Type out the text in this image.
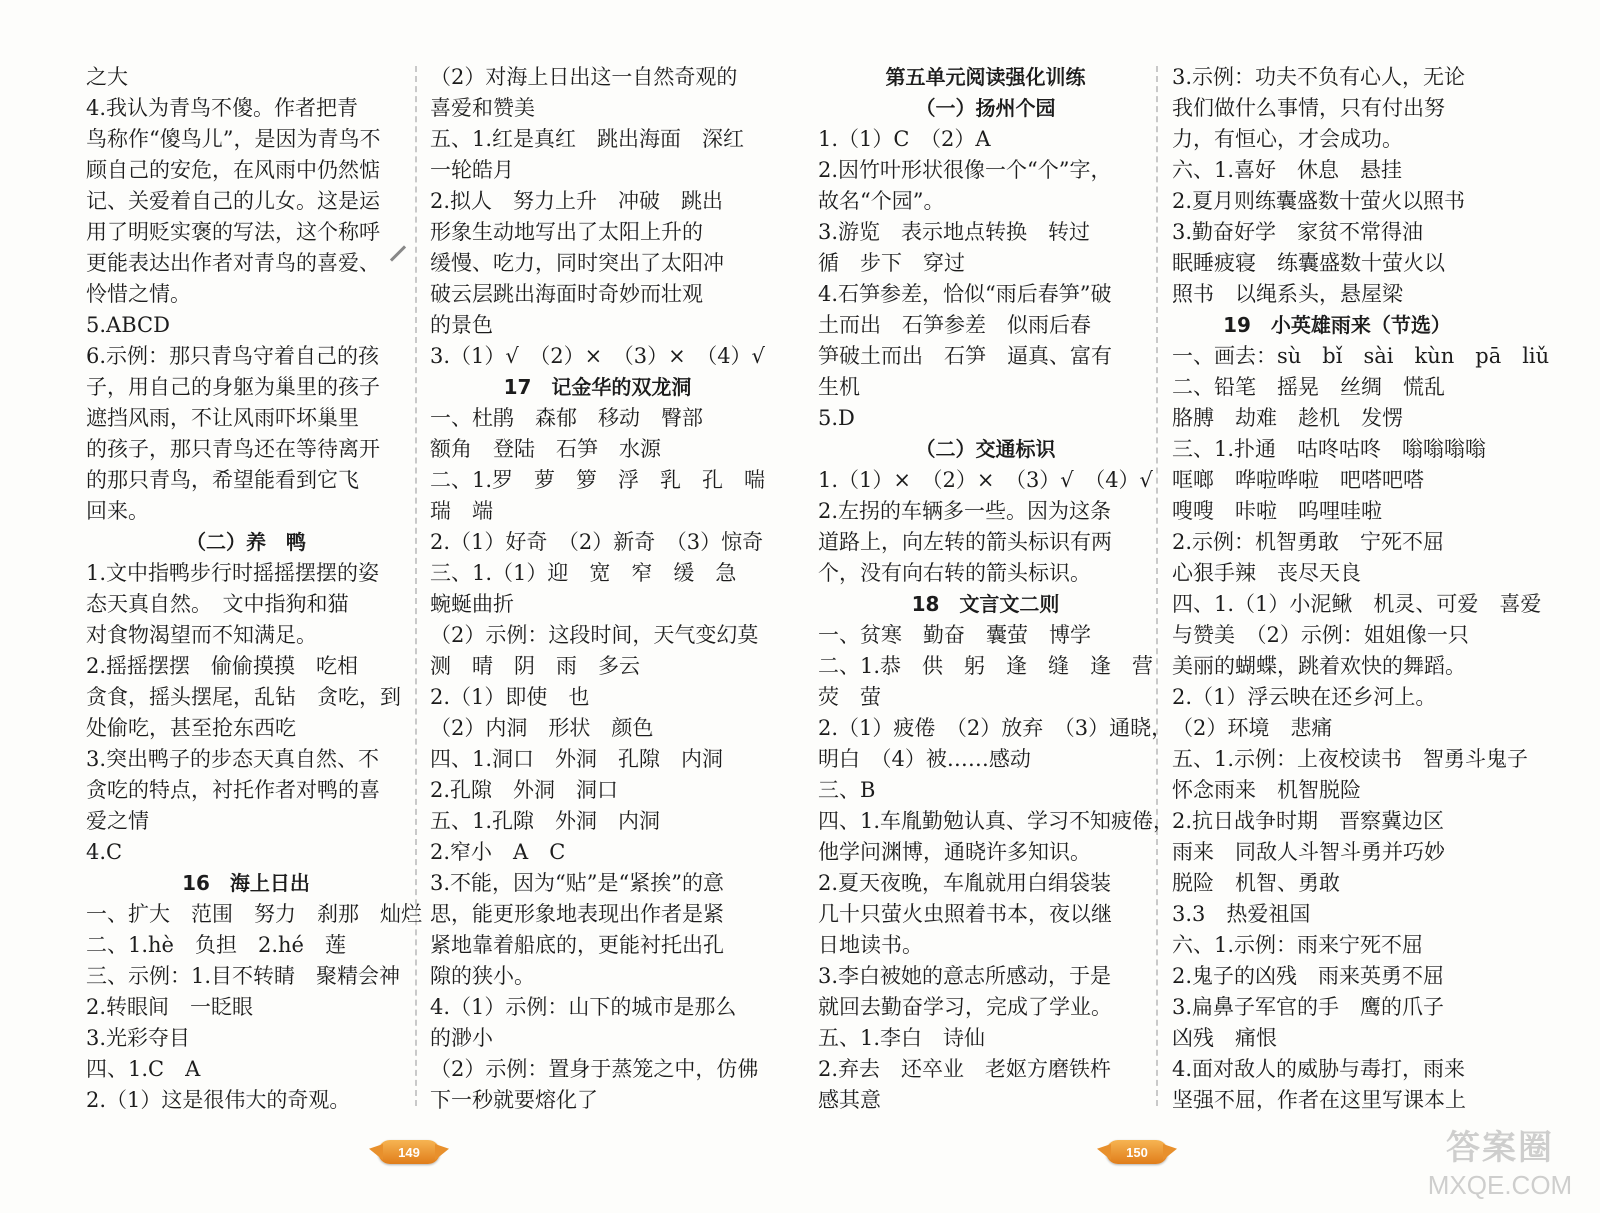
之大
4.我认为青鸟不傻。作者把青
鸟称作“傻鸟儿”，是因为青鸟不
顾自己的安危，在风雨中仍然惦
记、关爱着自己的儿女。这是运
用了明贬实褒的写法，这个称呼
更能表达出作者对青鸟的喜爱、
怜惜之情。
5.ABCD
6.示例：那只青鸟守着自己的孩
子，用自己的身躯为巢里的孩子
遮挡风雨，不让风雨吓坏巢里
的孩子，那只青鸟还在等待离开
的那只青鸟，希望能看到它飞
回来。
（二）养　鸭
1.文中指鸭步行时摇摇摆摆的姿
态天真自然。　文中指狗和猫
对食物渴望而不知满足。
2.摇摇摆摆　偷偷摸摸　吃相
贪食，摇头摆尾，乱钻　贪吃，到
处偷吃，甚至抢东西吃
3.突出鸭子的步态天真自然、不
贪吃的特点，衬托作者对鸭的喜
爱之情
4.C
16　海上日出
一、扩大　范围　努力　刹那　灿烂
二、1.hè　负担　2.hé　莲
三、示例：1.目不转睛　聚精会神
2.转眼间　一眨眼
3.光彩夺目
四、1.C　A
2.（1）这是很伟大的奇观。
（2）对海上日出这一自然奇观的
喜爱和赞美
五、1.红是真红　跳出海面　深红
一轮皓月
2.拟人　努力上升　冲破　跳出
形象生动地写出了太阳上升的
缓慢、吃力，同时突出了太阳冲
破云层跳出海面时奇妙而壮观
的景色
3.（1）√　（2）×　（3）×　（4）√
17　记金华的双龙洞
一、杜鹃　森郁　移动　臀部
额角　登陆　石笋　水源
二、1.罗　萝　箩　浮　乳　孔　喘
瑞　端
2.（1）好奇　（2）新奇　（3）惊奇
三、1.（1）迎　宽　窄　缓　急
蜿蜒曲折
（2）示例：这段时间，天气变幻莫
测　晴　阴　雨　多云
2.（1）即使　也
（2）内洞　形状　颜色
四、1.洞口　外洞　孔隙　内洞
2.孔隙　外洞　洞口
五、1.孔隙　外洞　内洞
2.窄小　A　C
3.不能，因为“贴”是“紧挨”的意
思，能更形象地表现出作者是紧
紧地靠着船底的，更能衬托出孔
隙的狭小。
4.（1）示例：山下的城市是那么
的渺小
（2）示例：置身于蒸笼之中，仿佛
下一秒就要熔化了
第五单元阅读强化训练
（一）扬州个园
1.（1）C　（2）A
2.因竹叶形状很像一个“个”字，
故名“个园”。
3.游览　表示地点转换　转过
循　步下　穿过
4.石笋参差，恰似“雨后春笋”破
土而出　石笋参差　似雨后春
笋破土而出　石笋　逼真、富有
生机
5.D
（二）交通标识
1.（1）×　（2）×　（3）√　（4）√
2.左拐的车辆多一些。因为这条
道路上，向左转的箭头标识有两
个，没有向右转的箭头标识。
18　文言文二则
一、贫寒　勤奋　囊萤　博学
二、1.恭　供　躬　逢　缝　逢　营
荧　萤
2.（1）疲倦　（2）放弃　（3）通晓，
明白　（4）被……感动
三、B
四、1.车胤勤勉认真、学习不知疲倦，
他学问渊博，通晓许多知识。
2.夏天夜晚，车胤就用白绢袋装
几十只萤火虫照着书本，夜以继
日地读书。
3.李白被她的意志所感动，于是
就回去勤奋学习，完成了学业。
五、1.李白　诗仙
2.弃去　还卒业　老妪方磨铁杵
感其意
3.示例：功夫不负有心人，无论
我们做什么事情，只有付出努
力，有恒心，才会成功。
六、1.喜好　休息　悬挂
2.夏月则练囊盛数十萤火以照书
3.勤奋好学　家贫不常得油
眠睡疲寝　练囊盛数十萤火以
照书　以绳系头，悬屋梁
19　小英雄雨来（节选）
一、画去：sù　bǐ　sài　kùn　pā　liǔ
二、铅笔　摇晃　丝绸　慌乱
胳膊　劫难　趁机　发愣
三、1.扑通　咕咚咕咚　嗡嗡嗡嗡
哐啷　哗啦哗啦　吧嗒吧嗒
嗖嗖　咔啦　呜哩哇啦
2.示例：机智勇敢　宁死不屈
心狠手辣　丧尽天良
四、1.（1）小泥鳅　机灵、可爱　喜爱
与赞美　（2）示例：姐姐像一只
美丽的蝴蝶，跳着欢快的舞蹈。
2.（1）浮云映在还乡河上。
（2）环境　悲痛
五、1.示例：上夜校读书　智勇斗鬼子
怀念雨来　机智脱险
2.抗日战争时期　晋察冀边区
雨来　同敌人斗智斗勇并巧妙
脱险　机智、勇敢
3.3　热爱祖国
六、1.示例：雨来宁死不屈
2.鬼子的凶残　雨来英勇不屈
3.扁鼻子军官的手　鹰的爪子
凶残　痛恨
4.面对敌人的威胁与毒打，雨来
坚强不屈，作者在这里写课本上
149	150	答案圈
MXQE.COM
